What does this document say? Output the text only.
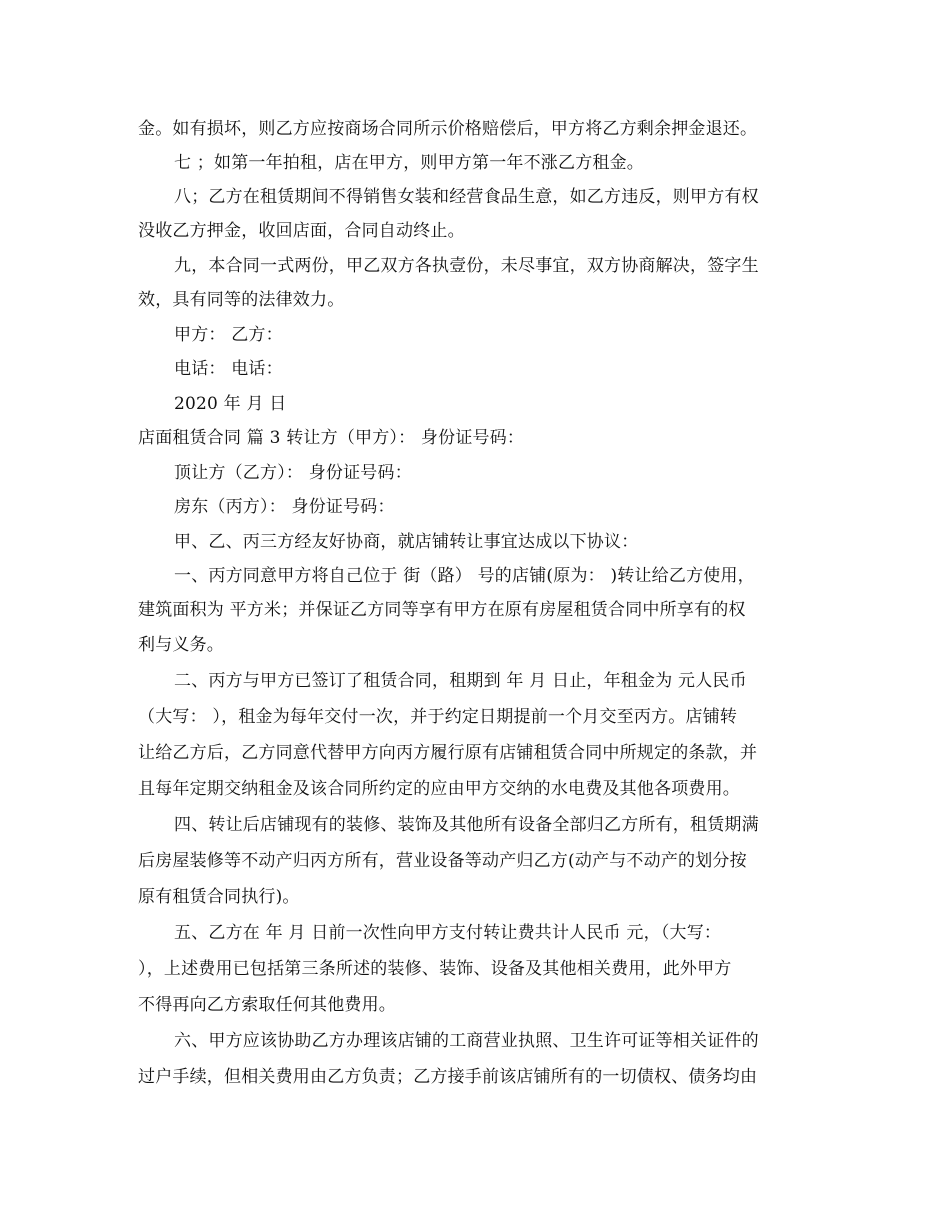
金。如有损坏，则乙方应按商场合同所示价格赔偿后，甲方将乙方剩余押金退还。
七 ；如第一年拍租，店在甲方，则甲方第一年不涨乙方租金。
八；乙方在租赁期间不得销售女装和经营食品生意，如乙方违反，则甲方有权
没收乙方押金，收回店面，合同自动终止。
九，本合同一式两份，甲乙双方各执壹份，未尽事宜，双方协商解决，签字生
效，具有同等的法律效力。
甲方： 乙方：
电话： 电话：
2020 年 月 日
店面租赁合同 篇 3 转让方（甲方）： 身份证号码：
顶让方（乙方）： 身份证号码：
房东（丙方）： 身份证号码：
甲、乙、丙三方经友好协商，就店铺转让事宜达成以下协议：
一、丙方同意甲方将自己位于 街（路） 号的店铺(原为： )转让给乙方使用，
建筑面积为 平方米；并保证乙方同等享有甲方在原有房屋租赁合同中所享有的权
利与义务。
二、丙方与甲方已签订了租赁合同，租期到 年 月 日止，年租金为 元人民币
（大写： ），租金为每年交付一次，并于约定日期提前一个月交至丙方。店铺转
让给乙方后，乙方同意代替甲方向丙方履行原有店铺租赁合同中所规定的条款，并
且每年定期交纳租金及该合同所约定的应由甲方交纳的水电费及其他各项费用。
四、转让后店铺现有的装修、装饰及其他所有设备全部归乙方所有，租赁期满
后房屋装修等不动产归丙方所有，营业设备等动产归乙方(动产与不动产的划分按
原有租赁合同执行)。
五、乙方在 年 月 日前一次性向甲方支付转让费共计人民币 元，（大写：
），上述费用已包括第三条所述的装修、装饰、设备及其他相关费用，此外甲方
不得再向乙方索取任何其他费用。
六、甲方应该协助乙方办理该店铺的工商营业执照、卫生许可证等相关证件的
过户手续，但相关费用由乙方负责；乙方接手前该店铺所有的一切债权、债务均由
